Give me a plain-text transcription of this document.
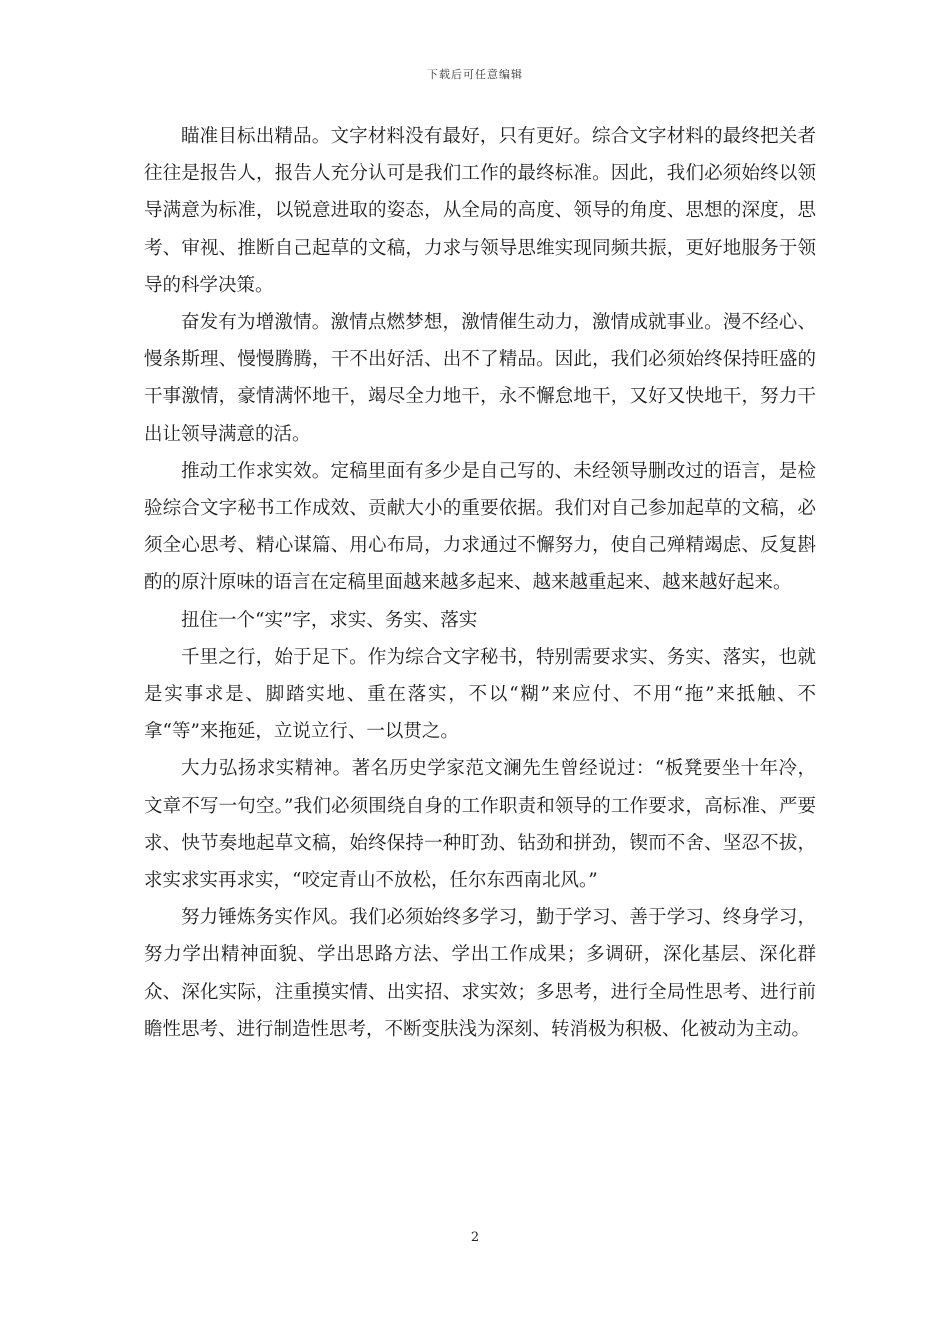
下载后可任意编辑

瞄准目标出精品。文字材料没有最好，只有更好。综合文字材料的最终把关者往往是报告人，报告人充分认可是我们工作的最终标准。因此，我们必须始终以领导满意为标准，以锐意进取的姿态，从全局的高度、领导的角度、思想的深度，思考、审视、推断自己起草的文稿，力求与领导思维实现同频共振，更好地服务于领导的科学决策。

奋发有为增激情。激情点燃梦想，激情催生动力，激情成就事业。漫不经心、慢条斯理、慢慢腾腾，干不出好活、出不了精品。因此，我们必须始终保持旺盛的干事激情，豪情满怀地干，竭尽全力地干，永不懈怠地干，又好又快地干，努力干出让领导满意的活。

推动工作求实效。定稿里面有多少是自己写的、未经领导删改过的语言，是检验综合文字秘书工作成效、贡献大小的重要依据。我们对自己参加起草的文稿，必须全心思考、精心谋篇、用心布局，力求通过不懈努力，使自己殚精竭虑、反复斟酌的原汁原味的语言在定稿里面越来越多起来、越来越重起来、越来越好起来。

扭住一个“实”字，求实、务实、落实

千里之行，始于足下。作为综合文字秘书，特别需要求实、务实、落实，也就是实事求是、脚踏实地、重在落实，不以“糊”来应付、不用“拖”来抵触、不拿“等”来拖延，立说立行、一以贯之。

大力弘扬求实精神。著名历史学家范文澜先生曾经说过：“板凳要坐十年冷，文章不写一句空。”我们必须围绕自身的工作职责和领导的工作要求，高标准、严要求、快节奏地起草文稿，始终保持一种盯劲、钻劲和拼劲，锲而不舍、坚忍不拔，求实求实再求实，“咬定青山不放松，任尔东西南北风。”

努力锤炼务实作风。我们必须始终多学习，勤于学习、善于学习、终身学习，努力学出精神面貌、学出思路方法、学出工作成果；多调研，深化基层、深化群众、深化实际，注重摸实情、出实招、求实效；多思考，进行全局性思考、进行前瞻性思考、进行制造性思考，不断变肤浅为深刻、转消极为积极、化被动为主动。

2
